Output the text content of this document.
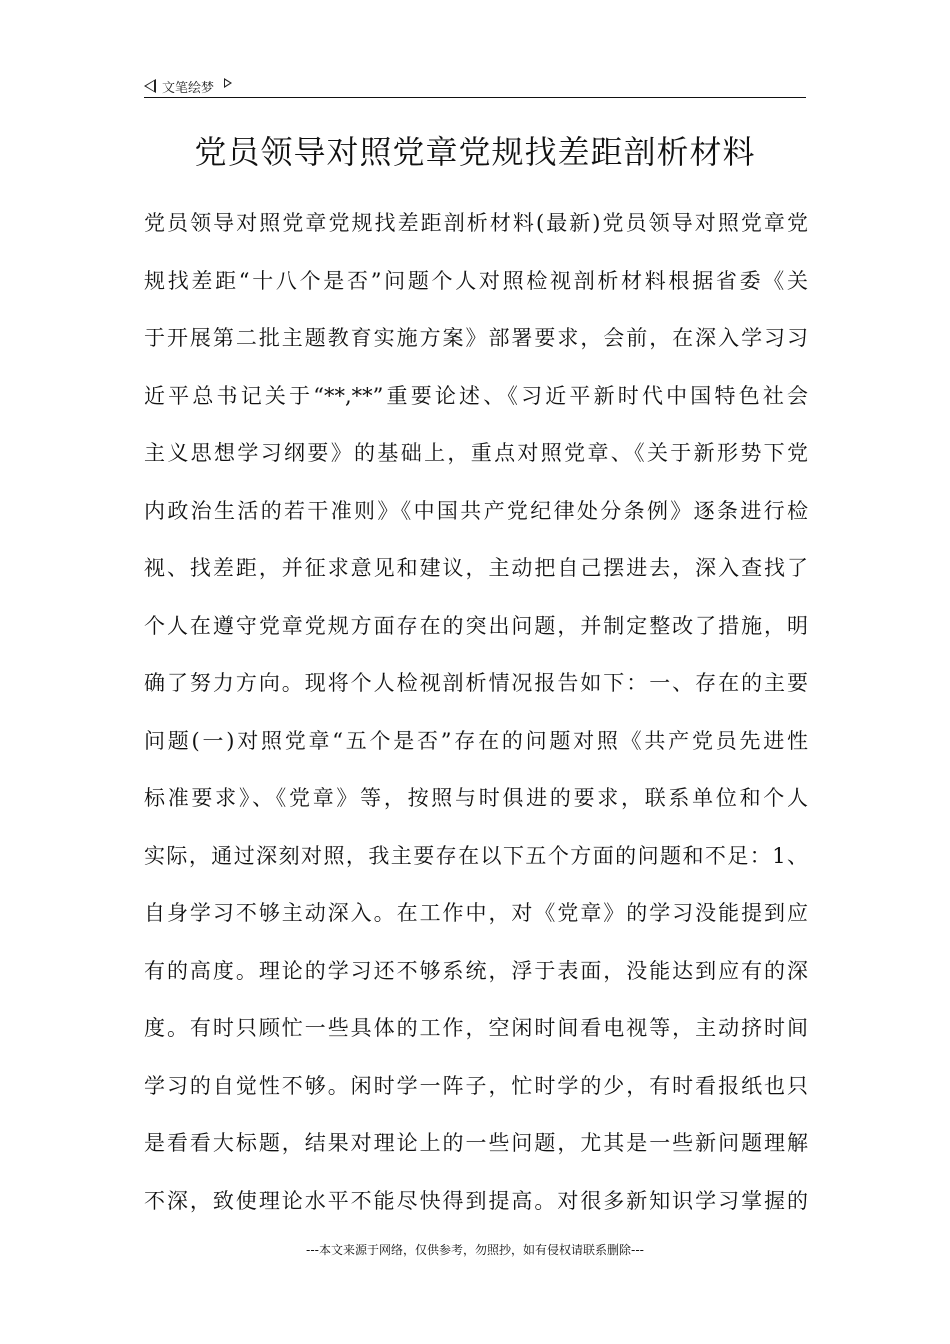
文笔绘梦
党员领导对照党章党规找差距剖析材料
党员领导对照党章党规找差距剖析材料(最新)党员领导对照党章党
规找差距“十八个是否”问题个人对照检视剖析材料根据省委《关
于开展第二批主题教育实施方案》部署要求，会前，在深入学习习
近平总书记关于“**,**”重要论述、《习近平新时代中国特色社会
主义思想学习纲要》的基础上，重点对照党章、《关于新形势下党
内政治生活的若干准则》《中国共产党纪律处分条例》逐条进行检
视、找差距，并征求意见和建议，主动把自己摆进去，深入查找了
个人在遵守党章党规方面存在的突出问题，并制定整改了措施，明
确了努力方向。现将个人检视剖析情况报告如下：一、存在的主要
问题(一)对照党章“五个是否”存在的问题对照《共产党员先进性
标准要求》、《党章》等，按照与时俱进的要求，联系单位和个人
实际，通过深刻对照，我主要存在以下五个方面的问题和不足：1、
自身学习不够主动深入。在工作中，对《党章》的学习没能提到应
有的高度。理论的学习还不够系统，浮于表面，没能达到应有的深
度。有时只顾忙一些具体的工作，空闲时间看电视等，主动挤时间
学习的自觉性不够。闲时学一阵子，忙时学的少，有时看报纸也只
是看看大标题，结果对理论上的一些问题，尤其是一些新问题理解
不深，致使理论水平不能尽快得到提高。对很多新知识学习掌握的
---本文来源于网络，仅供参考，勿照抄，如有侵权请联系删除---
